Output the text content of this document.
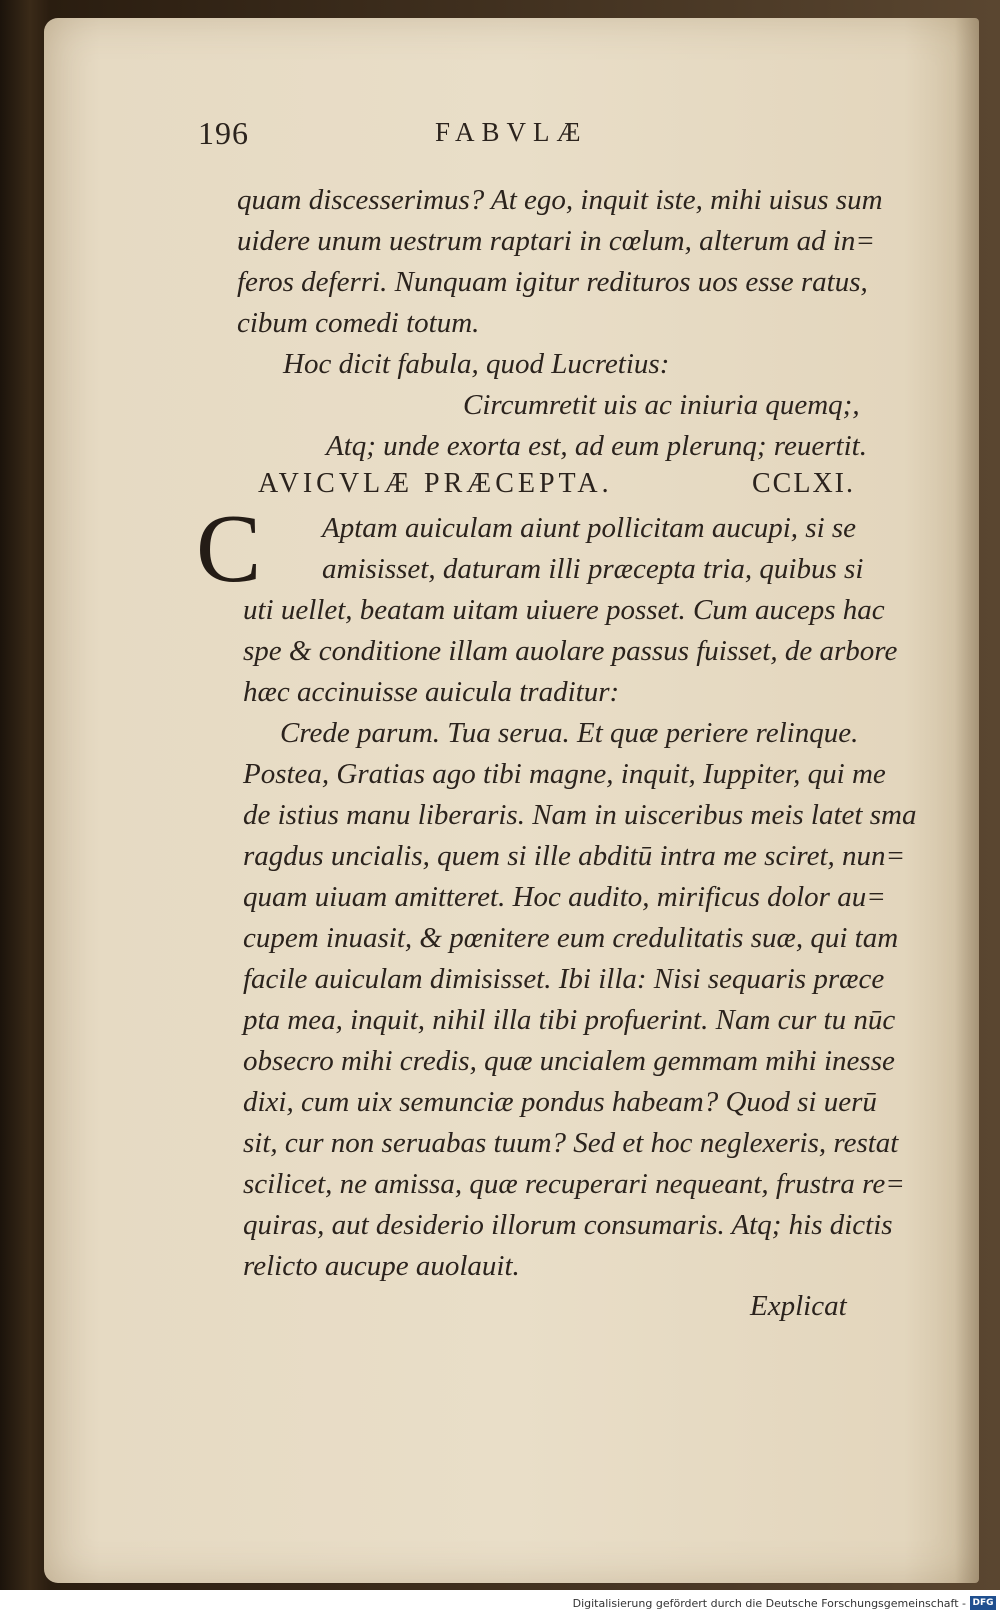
196	FABVLÆ
quam discesserimus? At ego, inquit iste, mihi uisus sum
uidere unum uestrum raptari in cœlum, alterum ad in=
feros deferri. Nunquam igitur redituros uos esse ratus,
cibum comedi totum.
Hoc dicit fabula, quod Lucretius:
Circumretit uis ac iniuria quemq;,
Atq; unde exorta est, ad eum plerunq; reuertit.
AVICVLÆ PRÆCEPTA.	CCLXI.
C Aptam auiculam aiunt pollicitam aucupi, si se
amisisset, daturam illi præcepta tria, quibus si
uti uellet, beatam uitam uiuere posset. Cum auceps hac
spe & conditione illam auolare passus fuisset, de arbore
hæc accinuisse auicula traditur:
Crede parum. Tua serua. Et quæ periere relinque.
Postea, Gratias ago tibi magne, inquit, Iuppiter, qui me
de istius manu liberaris. Nam in uisceribus meis latet sma
ragdus uncialis, quem si ille abditū intra me sciret, nun=
quam uiuam amitteret. Hoc audito, mirificus dolor au=
cupem inuasit, & pœnitere eum credulitatis suæ, qui tam
facile auiculam dimisisset. Ibi illa: Nisi sequaris præce
pta mea, inquit, nihil illa tibi profuerint. Nam cur tu nūc
obsecro mihi credis, quæ uncialem gemmam mihi inesse
dixi, cum uix semunciæ pondus habeam? Quod si uerū
sit, cur non seruabas tuum? Sed et hoc neglexeris, restat
scilicet, ne amissa, quæ recuperari nequeant, frustra re=
quiras, aut desiderio illorum consumaris. Atq; his dictis
relicto aucupe auolauit.
Explicat
Digitalisierung gefördert durch die Deutsche Forschungsgemeinschaft - DFG
